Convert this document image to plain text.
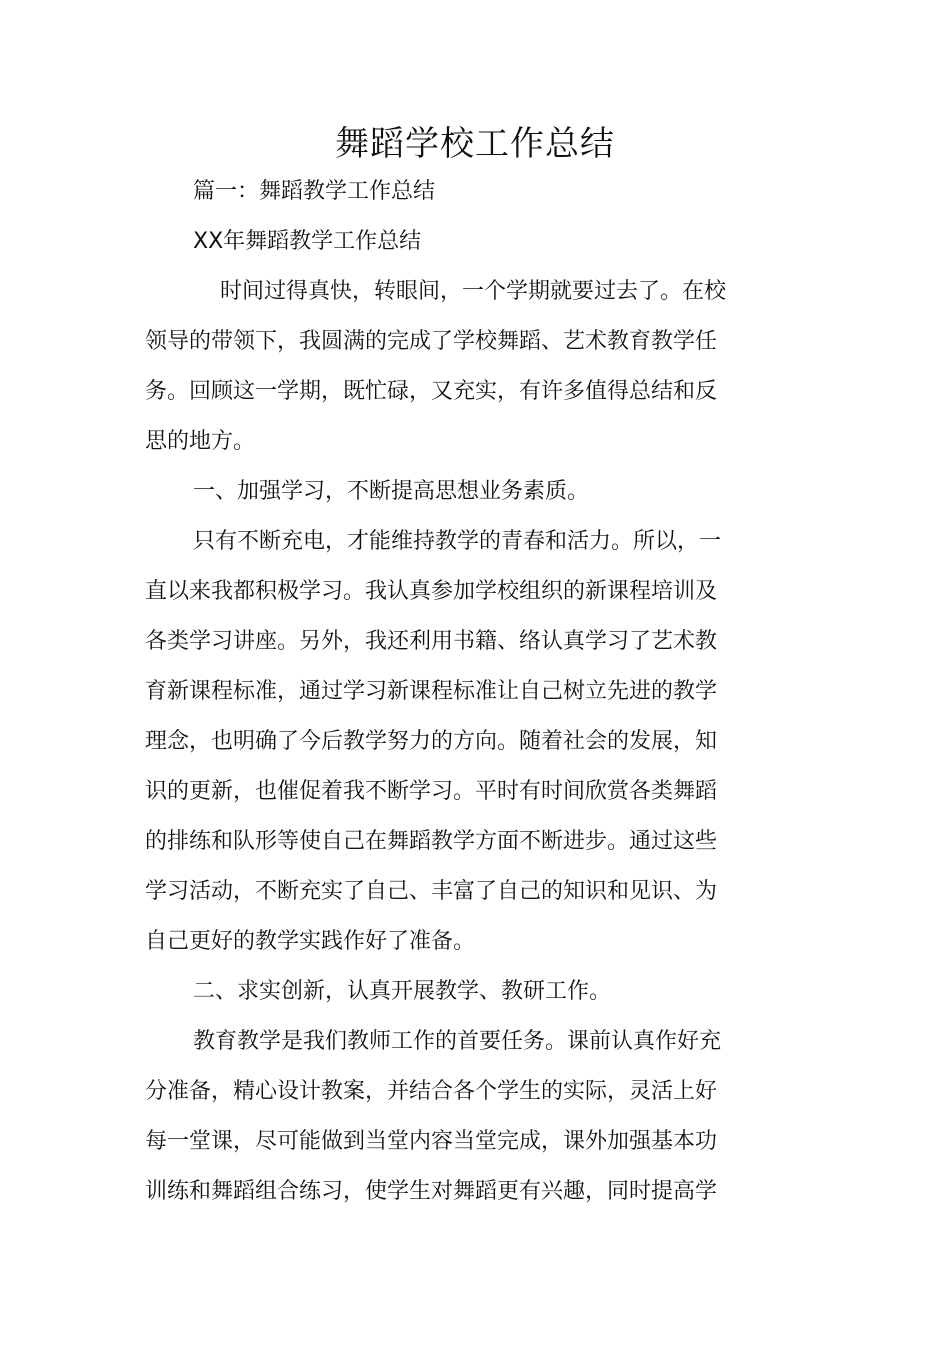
舞蹈学校工作总结
篇一：舞蹈教学工作总结
XX年舞蹈教学工作总结
时间过得真快，转眼间，一个学期就要过去了。在校
领导的带领下，我圆满的完成了学校舞蹈、艺术教育教学任
务。回顾这一学期，既忙碌，又充实，有许多值得总结和反
思的地方。
一、加强学习，不断提高思想业务素质。
只有不断充电，才能维持教学的青春和活力。所以，一
直以来我都积极学习。我认真参加学校组织的新课程培训及
各类学习讲座。另外，我还利用书籍、络认真学习了艺术教
育新课程标准，通过学习新课程标准让自己树立先进的教学
理念，也明确了今后教学努力的方向。随着社会的发展，知
识的更新，也催促着我不断学习。平时有时间欣赏各类舞蹈
的排练和队形等使自己在舞蹈教学方面不断进步。通过这些
学习活动，不断充实了自己、丰富了自己的知识和见识、为
自己更好的教学实践作好了准备。
二、求实创新，认真开展教学、教研工作。
教育教学是我们教师工作的首要任务。课前认真作好充
分准备，精心设计教案，并结合各个学生的实际，灵活上好
每一堂课，尽可能做到当堂内容当堂完成，课外加强基本功
训练和舞蹈组合练习，使学生对舞蹈更有兴趣，同时提高学
